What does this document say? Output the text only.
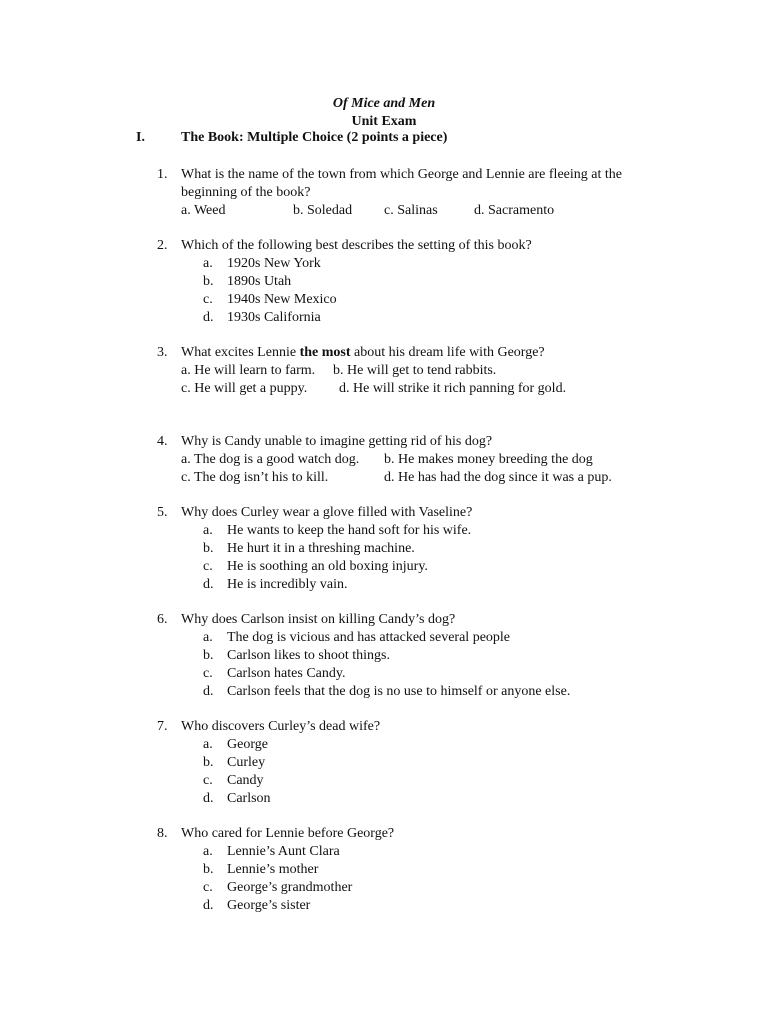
Of Mice and Men
Unit Exam
I.	The Book: Multiple Choice (2 points a piece)
1. What is the name of the town from which George and Lennie are fleeing at the beginning of the book?
a. Weed	b. Soledad c. Salinas	d. Sacramento
2. Which of the following best describes the setting of this book?
a. 1920s New York
b. 1890s Utah
c. 1940s New Mexico
d. 1930s California
3. What excites Lennie the most about his dream life with George?
a. He will learn to farm. b. He will get to tend rabbits.
c. He will get a puppy. d. He will strike it rich panning for gold.
4. Why is Candy unable to imagine getting rid of his dog?
a. The dog is a good watch dog. b. He makes money breeding the dog
c. The dog isn’t his to kill.	d. He has had the dog since it was a pup.
5. Why does Curley wear a glove filled with Vaseline?
a. He wants to keep the hand soft for his wife.
b. He hurt it in a threshing machine.
c. He is soothing an old boxing injury.
d. He is incredibly vain.
6. Why does Carlson insist on killing Candy’s dog?
a. The dog is vicious and has attacked several people
b. Carlson likes to shoot things.
c. Carlson hates Candy.
d. Carlson feels that the dog is no use to himself or anyone else.
7. Who discovers Curley’s dead wife?
a. George
b. Curley
c. Candy
d. Carlson
8. Who cared for Lennie before George?
a. Lennie’s Aunt Clara
b. Lennie’s mother
c. George’s grandmother
d. George’s sister
